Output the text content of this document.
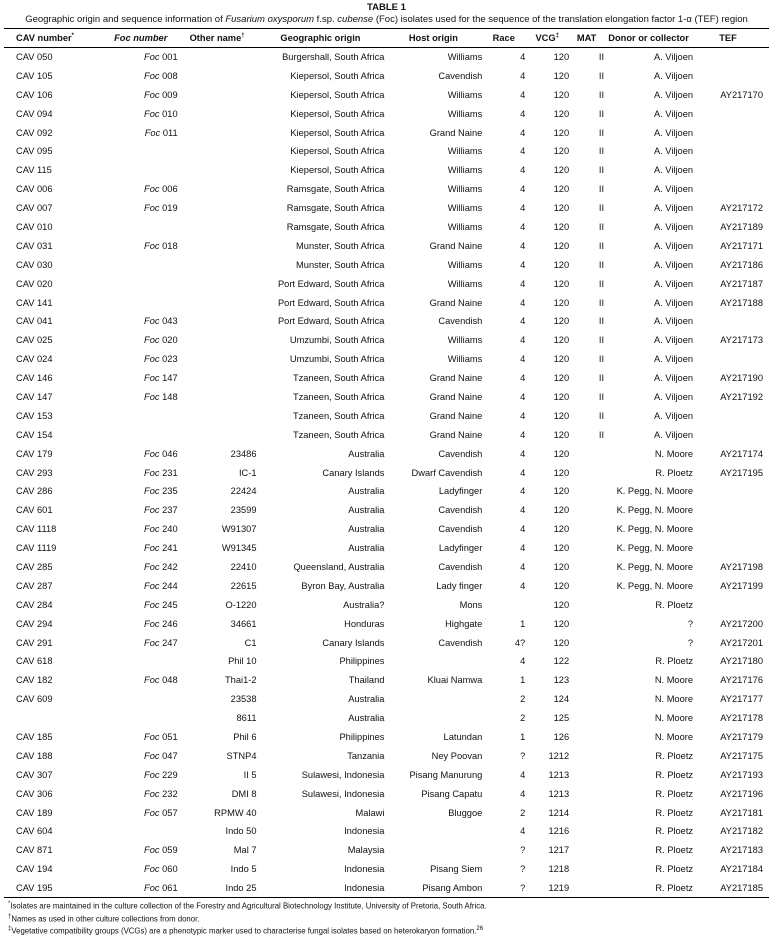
TABLE 1
Geographic origin and sequence information of Fusarium oxysporum f.sp. cubense (Foc) isolates used for the sequence of the translation elongation factor 1-α (TEF) region
CAV number*	Foc number	Other name†	Geographic origin	Host origin	Race	VCG‡	MAT	Donor or collector	TEF
CAV 050	Foc 001		Burgershall, South Africa	Williams	4	120	II	A. Viljoen	
CAV 105	Foc 008		Kiepersol, South Africa	Cavendish	4	120	II	A. Viljoen	
CAV 106	Foc 009		Kiepersol, South Africa	Williams	4	120	II	A. Viljoen	AY217170
CAV 094	Foc 010		Kiepersol, South Africa	Williams	4	120	II	A. Viljoen	
CAV 092	Foc 011		Kiepersol, South Africa	Grand Naine	4	120	II	A. Viljoen	
CAV 095			Kiepersol, South Africa	Williams	4	120	II	A. Viljoen	
CAV 115			Kiepersol, South Africa	Williams	4	120	II	A. Viljoen	
CAV 006	Foc 006		Ramsgate, South Africa	Williams	4	120	II	A. Viljoen	
CAV 007	Foc 019		Ramsgate, South Africa	Williams	4	120	II	A. Viljoen	AY217172
CAV 010			Ramsgate, South Africa	Williams	4	120	II	A. Viljoen	AY217189
CAV 031	Foc 018		Munster, South Africa	Grand Naine	4	120	II	A. Viljoen	AY217171
CAV 030			Munster, South Africa	Williams	4	120	II	A. Viljoen	AY217186
CAV 020			Port Edward, South Africa	Williams	4	120	II	A. Viljoen	AY217187
CAV 141			Port Edward, South Africa	Grand Naine	4	120	II	A. Viljoen	AY217188
CAV 041	Foc 043		Port Edward, South Africa	Cavendish	4	120	II	A. Viljoen	
CAV 025	Foc 020		Umzumbi, South Africa	Williams	4	120	II	A. Viljoen	AY217173
CAV 024	Foc 023		Umzumbi, South Africa	Williams	4	120	II	A. Viljoen	
CAV 146	Foc 147		Tzaneen, South Africa	Grand Naine	4	120	II	A. Viljoen	AY217190
CAV 147	Foc 148		Tzaneen, South Africa	Grand Naine	4	120	II	A. Viljoen	AY217192
CAV 153			Tzaneen, South Africa	Grand Naine	4	120	II	A. Viljoen	
CAV 154			Tzaneen, South Africa	Grand Naine	4	120	II	A. Viljoen	
CAV 179	Foc 046	23486	Australia	Cavendish	4	120		N. Moore	AY217174
CAV 293	Foc 231	IC-1	Canary Islands	Dwarf Cavendish	4	120		R. Ploetz	AY217195
CAV 286	Foc 235	22424	Australia	Ladyfinger	4	120		K. Pegg, N. Moore	
CAV 601	Foc 237	23599	Australia	Cavendish	4	120		K. Pegg, N. Moore	
CAV 1118	Foc 240	W91307	Australia	Cavendish	4	120		K. Pegg, N. Moore	
CAV 1119	Foc 241	W91345	Australia	Ladyfinger	4	120		K. Pegg, N. Moore	
CAV 285	Foc 242	22410	Queensland, Australia	Cavendish	4	120		K. Pegg, N. Moore	AY217198
CAV 287	Foc 244	22615	Byron Bay, Australia	Lady finger	4	120		K. Pegg, N. Moore	AY217199
CAV 284	Foc 245	O-1220	Australia?	Mons		120		R. Ploetz	
CAV 294	Foc 246	34661	Honduras	Highgate	1	120		?	AY217200
CAV 291	Foc 247	C1	Canary Islands	Cavendish	4?	120		?	AY217201
CAV 618		Phil 10	Philippines		4	122		R. Ploetz	AY217180
CAV 182	Foc 048	Thai1-2	Thailand	Kluai Namwa	1	123		N. Moore	AY217176
CAV 609		23538	Australia		2	124		N. Moore	AY217177
		8611	Australia		2	125		N. Moore	AY217178
CAV 185	Foc 051	Phil 6	Philippines	Latundan	1	126		N. Moore	AY217179
CAV 188	Foc 047	STNP4	Tanzania	Ney Poovan	?	1212		R. Ploetz	AY217175
CAV 307	Foc 229	II 5	Sulawesi, Indonesia	Pisang Manurung	4	1213		R. Ploetz	AY217193
CAV 306	Foc 232	DMI 8	Sulawesi, Indonesia	Pisang Capatu	4	1213		R. Ploetz	AY217196
CAV 189	Foc 057	RPMW 40	Malawi	Bluggoe	2	1214		R. Ploetz	AY217181
CAV 604		Indo 50	Indonesia		4	1216		R. Ploetz	AY217182
CAV 871	Foc 059	Mal 7	Malaysia		?	1217		R. Ploetz	AY217183
CAV 194	Foc 060	Indo 5	Indonesia	Pisang Siem	?	1218		R. Ploetz	AY217184
CAV 195	Foc 061	Indo 25	Indonesia	Pisang Ambon	?	1219		R. Ploetz	AY217185
*Isolates are maintained in the culture collection of the Forestry and Agricultural Biotechnology Institute, University of Pretoria, South Africa.
†Names as used in other culture collections from donor.
‡Vegetative compatibility groups (VCGs) are a phenotypic marker used to characterise fungal isolates based on heterokaryon formation.$^{26}$
